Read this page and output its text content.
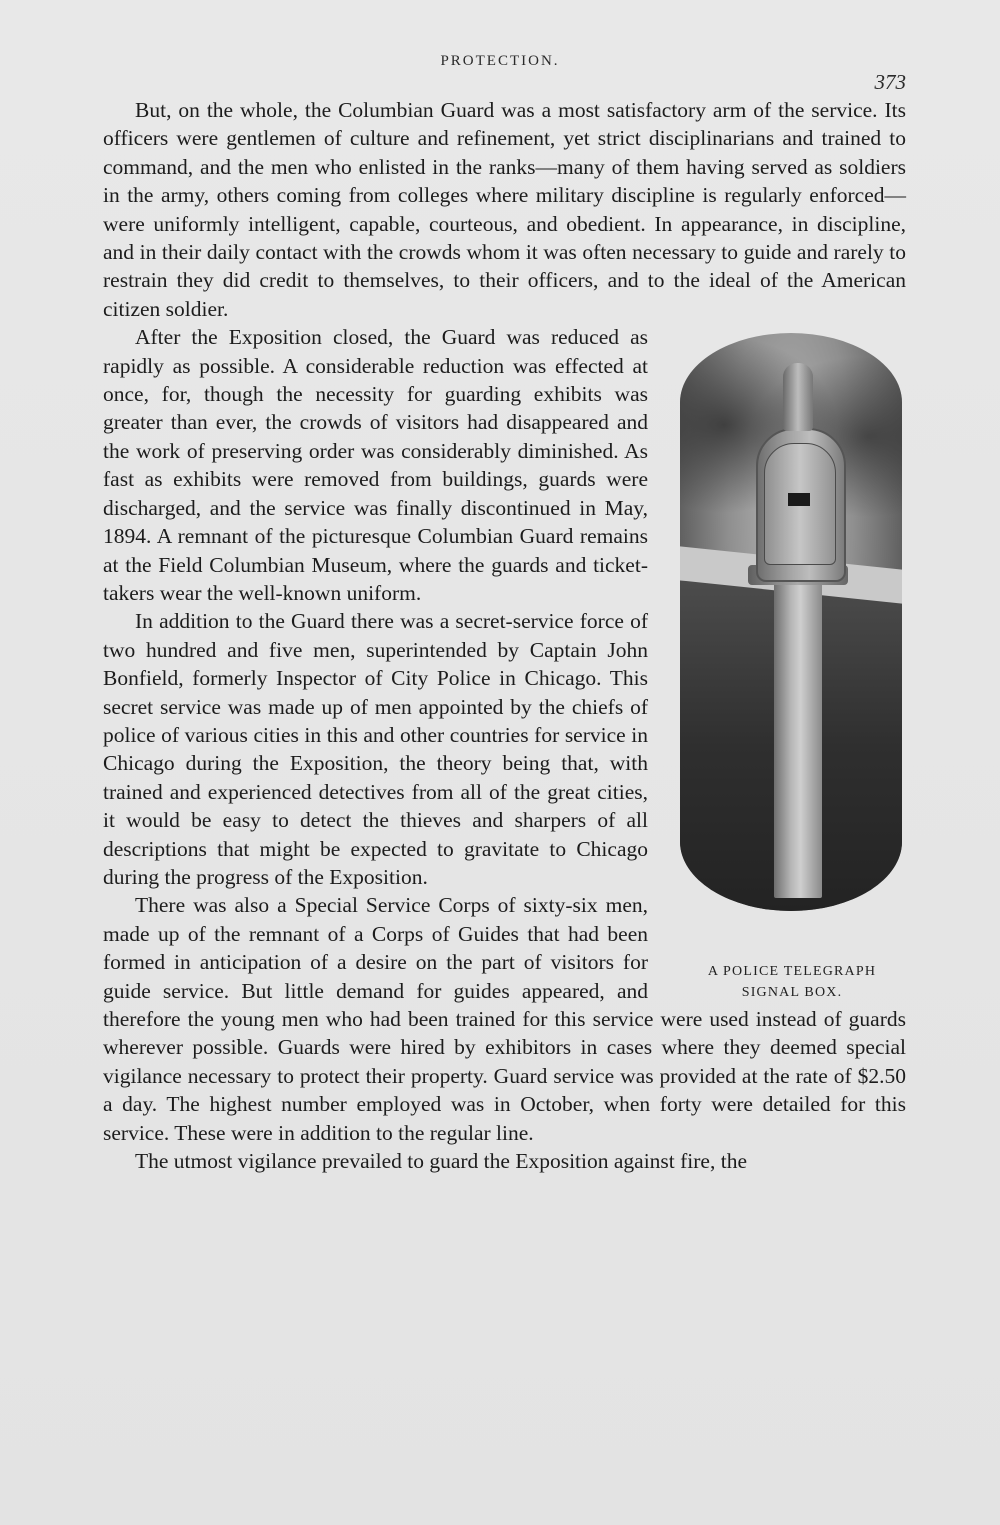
PROTECTION.
373

But, on the whole, the Columbian Guard was a most satisfactory arm of the service. Its officers were gentlemen of culture and refinement, yet strict disciplinarians and trained to command, and the men who enlisted in the ranks—many of them having served as soldiers in the army, others coming from colleges where military discipline is regularly enforced—were uniformly intelligent, capable, courteous, and obedient. In appearance, in discipline, and in their daily contact with the crowds whom it was often necessary to guide and rarely to restrain they did credit to themselves, to their officers, and to the ideal of the American citizen soldier.

A POLICE TELEGRAPH
SIGNAL BOX.

After the Exposition closed, the Guard was reduced as rapidly as possible. A considerable reduction was effected at once, for, though the necessity for guarding exhibits was greater than ever, the crowds of visitors had disappeared and the work of preserving order was considerably diminished. As fast as exhibits were removed from buildings, guards were discharged, and the service was finally discontinued in May, 1894. A remnant of the picturesque Columbian Guard remains at the Field Columbian Museum, where the guards and ticket-takers wear the well-known uniform.

In addition to the Guard there was a secret-service force of two hundred and five men, superintended by Captain John Bonfield, formerly Inspector of City Police in Chicago. This secret service was made up of men appointed by the chiefs of police of various cities in this and other countries for service in Chicago during the Exposition, the theory being that, with trained and experienced detectives from all of the great cities, it would be easy to detect the thieves and sharpers of all descriptions that might be expected to gravitate to Chicago during the progress of the Exposition.

There was also a Special Service Corps of sixty-six men, made up of the remnant of a Corps of Guides that had been formed in anticipation of a desire on the part of visitors for guide service. But little demand for guides appeared, and therefore the young men who had been trained for this service were used instead of guards wherever possible. Guards were hired by exhibitors in cases where they deemed special vigilance necessary to protect their property. Guard service was provided at the rate of $2.50 a day. The highest number employed was in October, when forty were detailed for this service. These were in addition to the regular line.

The utmost vigilance prevailed to guard the Exposition against fire, the
